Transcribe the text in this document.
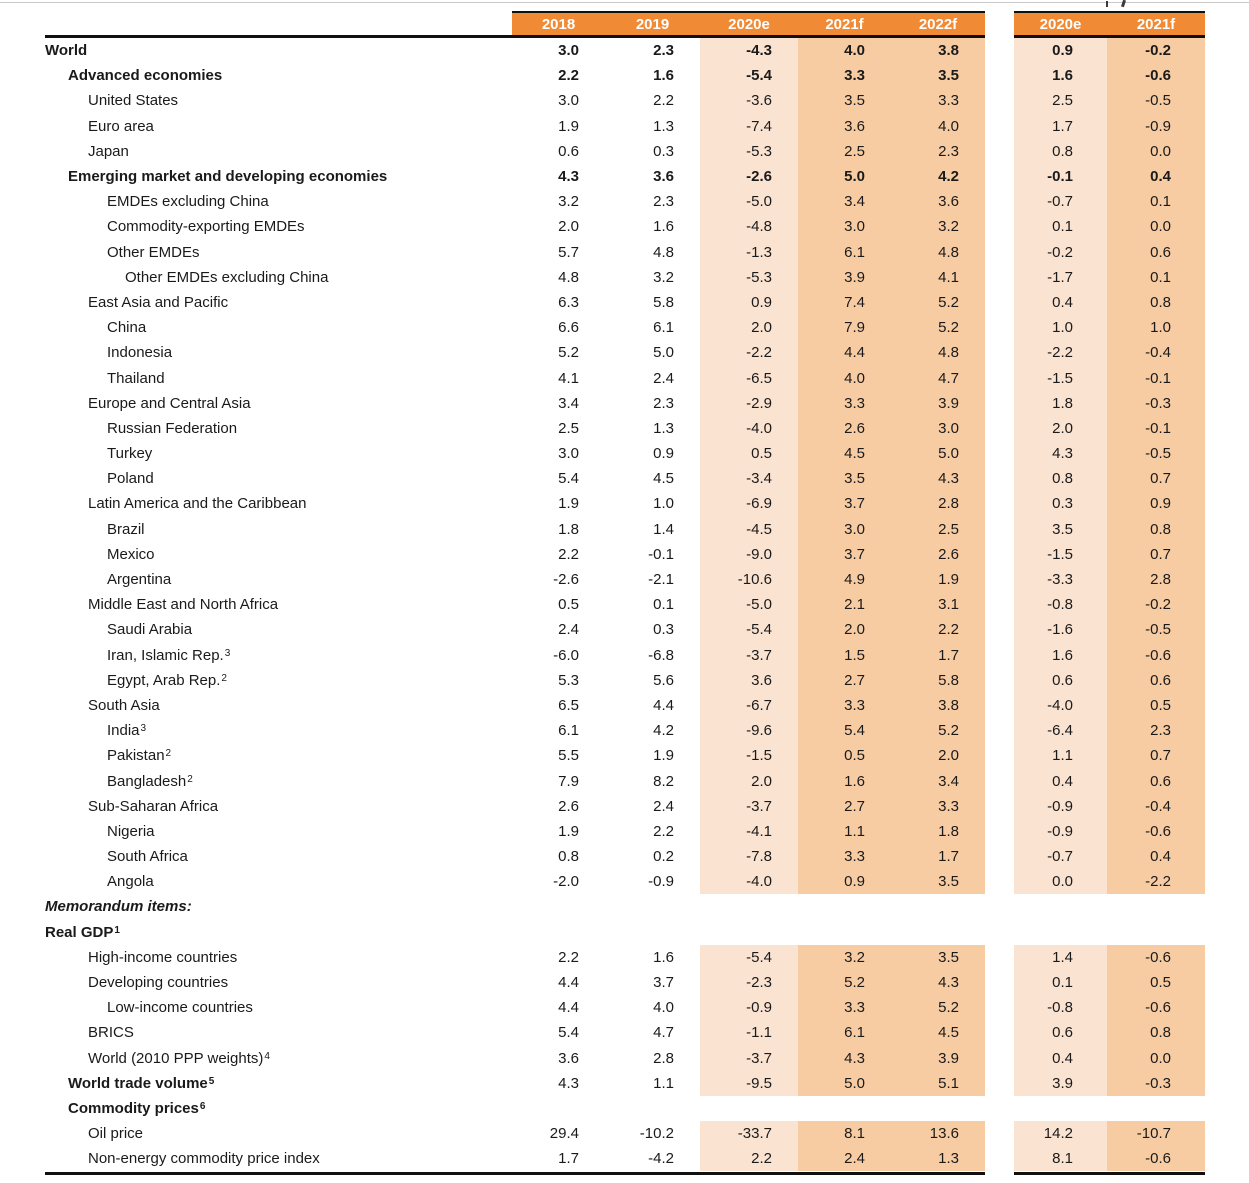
2018	2019	2020e	2021f	2022f	2020e	2021f
World	3.0	2.3	-4.3	4.0	3.8	0.9	-0.2
Advanced economies	2.2	1.6	-5.4	3.3	3.5	1.6	-0.6
United States	3.0	2.2	-3.6	3.5	3.3	2.5	-0.5
Euro area	1.9	1.3	-7.4	3.6	4.0	1.7	-0.9
Japan	0.6	0.3	-5.3	2.5	2.3	0.8	0.0
Emerging market and developing economies	4.3	3.6	-2.6	5.0	4.2	-0.1	0.4
EMDEs excluding China	3.2	2.3	-5.0	3.4	3.6	-0.7	0.1
Commodity-exporting EMDEs	2.0	1.6	-4.8	3.0	3.2	0.1	0.0
Other EMDEs	5.7	4.8	-1.3	6.1	4.8	-0.2	0.6
Other EMDEs excluding China	4.8	3.2	-5.3	3.9	4.1	-1.7	0.1
East Asia and Pacific	6.3	5.8	0.9	7.4	5.2	0.4	0.8
China	6.6	6.1	2.0	7.9	5.2	1.0	1.0
Indonesia	5.2	5.0	-2.2	4.4	4.8	-2.2	-0.4
Thailand	4.1	2.4	-6.5	4.0	4.7	-1.5	-0.1
Europe and Central Asia	3.4	2.3	-2.9	3.3	3.9	1.8	-0.3
Russian Federation	2.5	1.3	-4.0	2.6	3.0	2.0	-0.1
Turkey	3.0	0.9	0.5	4.5	5.0	4.3	-0.5
Poland	5.4	4.5	-3.4	3.5	4.3	0.8	0.7
Latin America and the Caribbean	1.9	1.0	-6.9	3.7	2.8	0.3	0.9
Brazil	1.8	1.4	-4.5	3.0	2.5	3.5	0.8
Mexico	2.2	-0.1	-9.0	3.7	2.6	-1.5	0.7
Argentina	-2.6	-2.1	-10.6	4.9	1.9	-3.3	2.8
Middle East and North Africa	0.5	0.1	-5.0	2.1	3.1	-0.8	-0.2
Saudi Arabia	2.4	0.3	-5.4	2.0	2.2	-1.6	-0.5
Iran, Islamic Rep.$^3$	-6.0	-6.8	-3.7	1.5	1.7	1.6	-0.6
Egypt, Arab Rep.$^2$	5.3	5.6	3.6	2.7	5.8	0.6	0.6
South Asia	6.5	4.4	-6.7	3.3	3.8	-4.0	0.5
India$^3$	6.1	4.2	-9.6	5.4	5.2	-6.4	2.3
Pakistan$^2$	5.5	1.9	-1.5	0.5	2.0	1.1	0.7
Bangladesh$^2$	7.9	8.2	2.0	1.6	3.4	0.4	0.6
Sub-Saharan Africa	2.6	2.4	-3.7	2.7	3.3	-0.9	-0.4
Nigeria	1.9	2.2	-4.1	1.1	1.8	-0.9	-0.6
South Africa	0.8	0.2	-7.8	3.3	1.7	-0.7	0.4
Angola	-2.0	-0.9	-4.0	0.9	3.5	0.0	-2.2
Memorandum items:
Real GDP$^1$
High-income countries	2.2	1.6	-5.4	3.2	3.5	1.4	-0.6
Developing countries	4.4	3.7	-2.3	5.2	4.3	0.1	0.5
Low-income countries	4.4	4.0	-0.9	3.3	5.2	-0.8	-0.6
BRICS	5.4	4.7	-1.1	6.1	4.5	0.6	0.8
World (2010 PPP weights)$^4$	3.6	2.8	-3.7	4.3	3.9	0.4	0.0
World trade volume$^5$	4.3	1.1	-9.5	5.0	5.1	3.9	-0.3
Commodity prices$^6$
Oil price	29.4	-10.2	-33.7	8.1	13.6	14.2	-10.7
Non-energy commodity price index	1.7	-4.2	2.2	2.4	1.3	8.1	-0.6
